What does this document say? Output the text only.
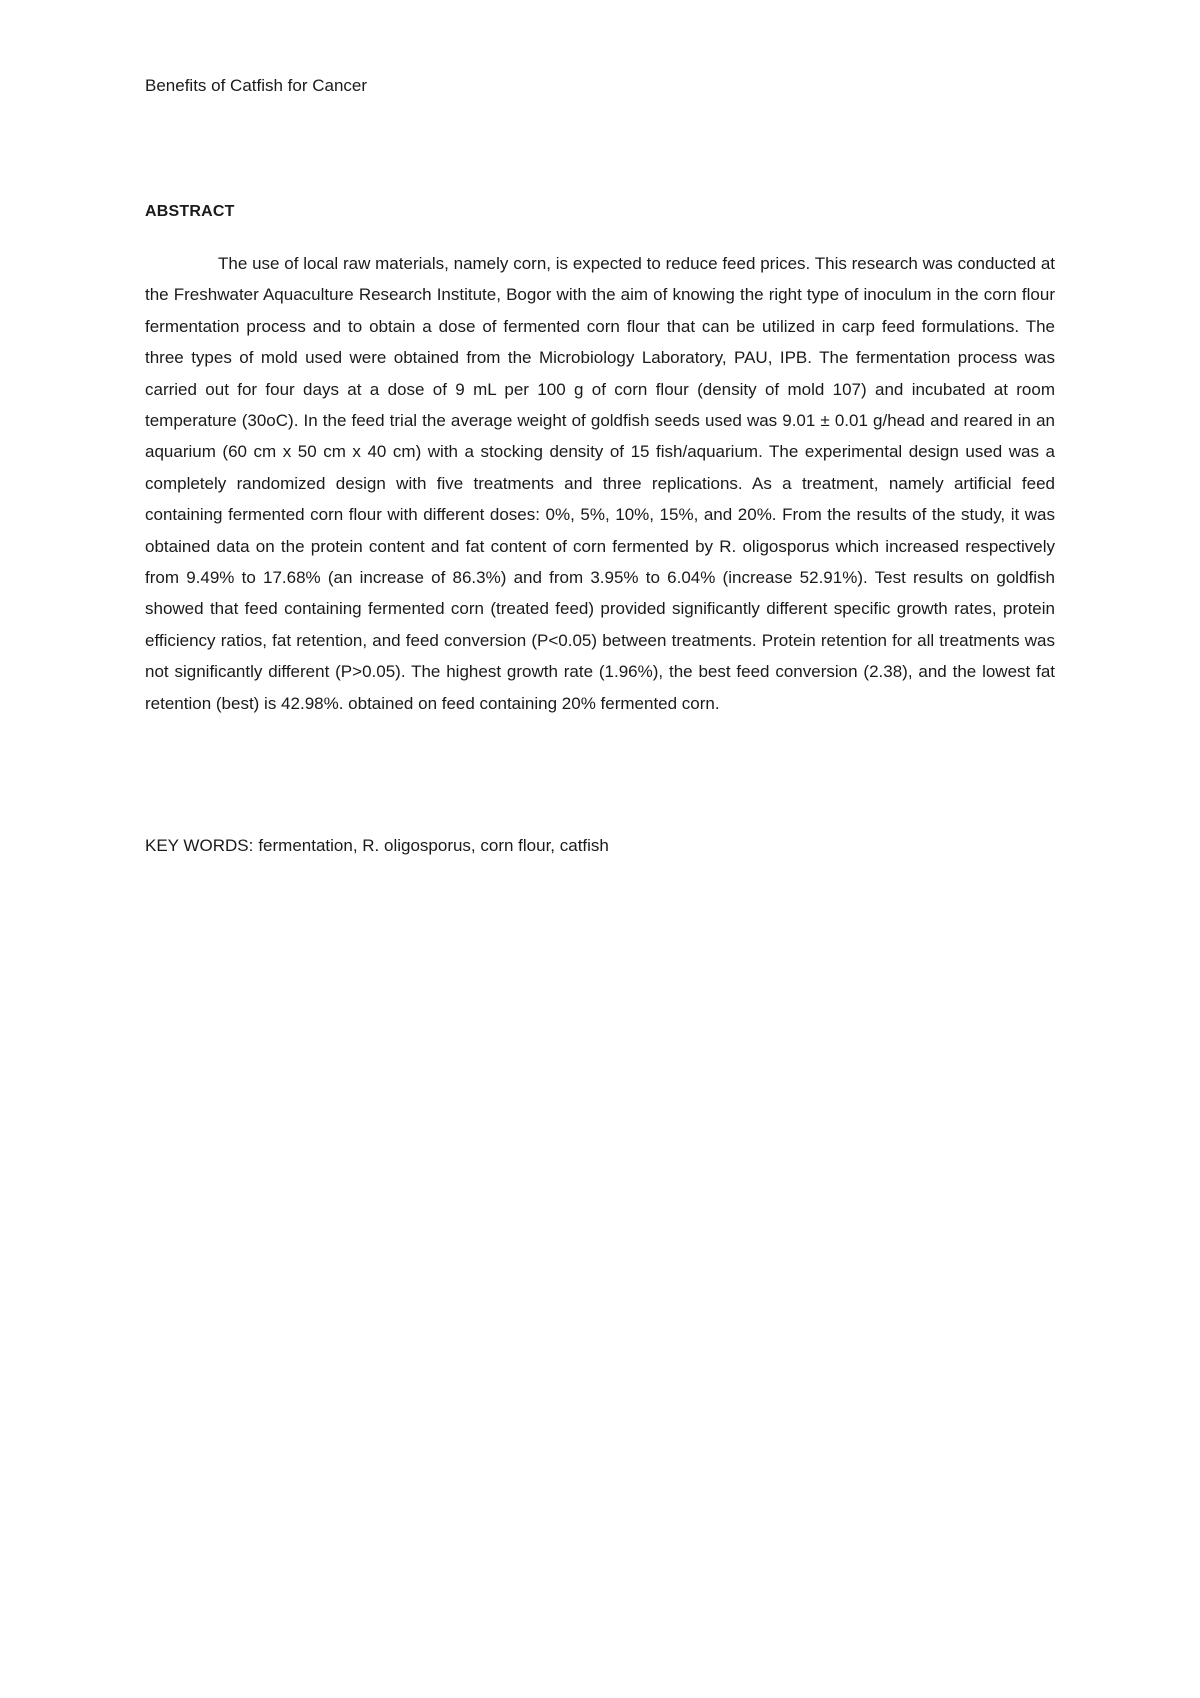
Benefits of Catfish for Cancer
ABSTRACT

The use of local raw materials, namely corn, is expected to reduce feed prices. This research was conducted at the Freshwater Aquaculture Research Institute, Bogor with the aim of knowing the right type of inoculum in the corn flour fermentation process and to obtain a dose of fermented corn flour that can be utilized in carp feed formulations. The three types of mold used were obtained from the Microbiology Laboratory, PAU, IPB. The fermentation process was carried out for four days at a dose of 9 mL per 100 g of corn flour (density of mold 107) and incubated at room temperature (30oC). In the feed trial the average weight of goldfish seeds used was 9.01 ± 0.01 g/head and reared in an aquarium (60 cm x 50 cm x 40 cm) with a stocking density of 15 fish/aquarium. The experimental design used was a completely randomized design with five treatments and three replications. As a treatment, namely artificial feed containing fermented corn flour with different doses: 0%, 5%, 10%, 15%, and 20%. From the results of the study, it was obtained data on the protein content and fat content of corn fermented by R. oligosporus which increased respectively from 9.49% to 17.68% (an increase of 86.3%) and from 3.95% to 6.04% (increase 52.91%). Test results on goldfish showed that feed containing fermented corn (treated feed) provided significantly different specific growth rates, protein efficiency ratios, fat retention, and feed conversion (P<0.05) between treatments. Protein retention for all treatments was not significantly different (P>0.05). The highest growth rate (1.96%), the best feed conversion (2.38), and the lowest fat retention (best) is 42.98%. obtained on feed containing 20% fermented corn.

KEY WORDS: fermentation, R. oligosporus, corn flour, catfish
